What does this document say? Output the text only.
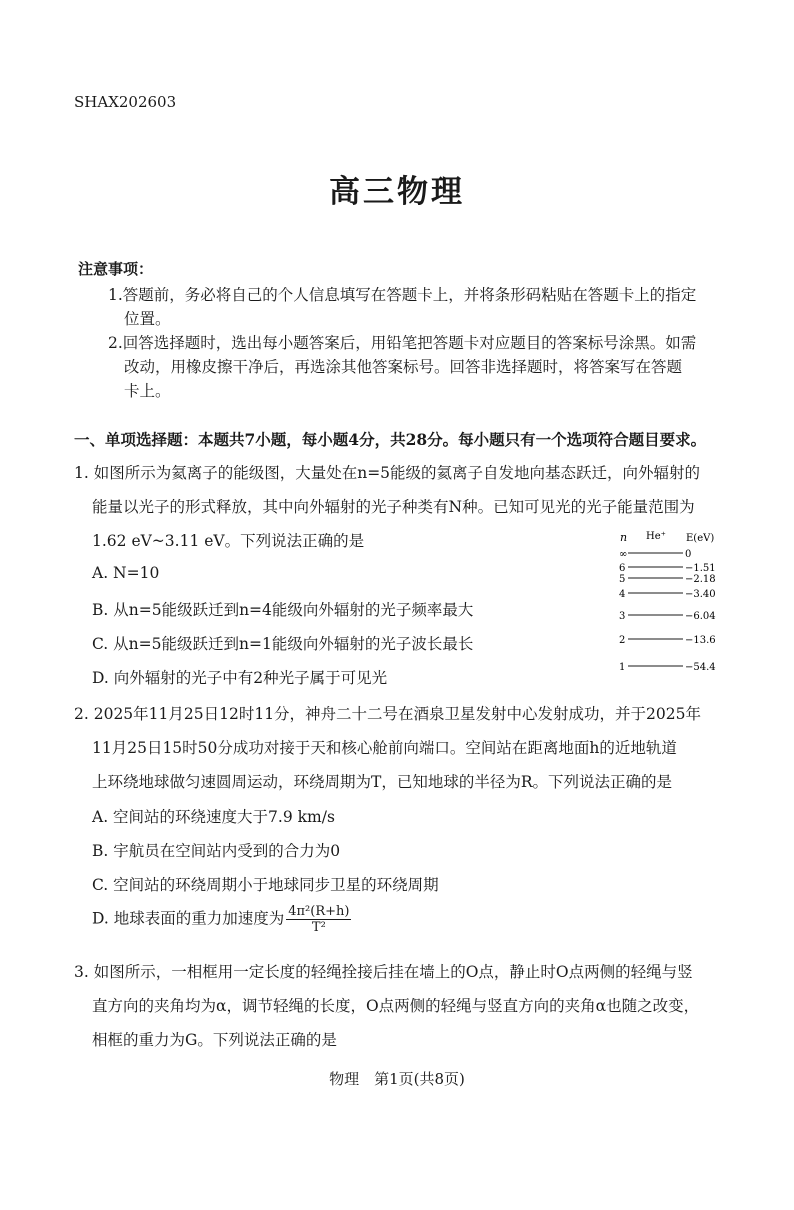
SHAX202603
高三物理
注意事项：
1.答题前，务必将自己的个人信息填写在答题卡上，并将条形码粘贴在答题卡上的指定
位置。
2.回答选择题时，选出每小题答案后，用铅笔把答题卡对应题目的答案标号涂黑。如需
改动，用橡皮擦干净后，再选涂其他答案标号。回答非选择题时，将答案写在答题
卡上。
一、单项选择题：本题共7小题，每小题4分，共28分。每小题只有一个选项符合题目要求。
1. 如图所示为氦离子的能级图，大量处在n=5能级的氦离子自发地向基态跃迁，向外辐射的
能量以光子的形式释放，其中向外辐射的光子种类有N种。已知可见光的光子能量范围为
1.62 eV~3.11 eV。下列说法正确的是
A. N=10
B. 从n=5能级跃迁到n=4能级向外辐射的光子频率最大
C. 从n=5能级跃迁到n=1能级向外辐射的光子波长最长
D. 向外辐射的光子中有2种光子属于可见光
n He⁺ E(eV)
∞	0
6	−1.51
5	−2.18
4	−3.40
3	−6.04
2	−13.6
1	−54.4
2. 2025年11月25日12时11分，神舟二十二号在酒泉卫星发射中心发射成功，并于2025年
11月25日15时50分成功对接于天和核心舱前向端口。空间站在距离地面h的近地轨道
上环绕地球做匀速圆周运动，环绕周期为T，已知地球的半径为R。下列说法正确的是
A. 空间站的环绕速度大于7.9 km/s
B. 宇航员在空间站内受到的合力为0
C. 空间站的环绕周期小于地球同步卫星的环绕周期
D. 地球表面的重力加速度为 $\frac{\text{4π²(R+h)}}{\text{T²}}$
3. 如图所示，一相框用一定长度的轻绳拴接后挂在墙上的O点，静止时O点两侧的轻绳与竖
直方向的夹角均为α，调节轻绳的长度，O点两侧的轻绳与竖直方向的夹角α也随之改变，
相框的重力为G。下列说法正确的是
物理　第1页(共8页)
